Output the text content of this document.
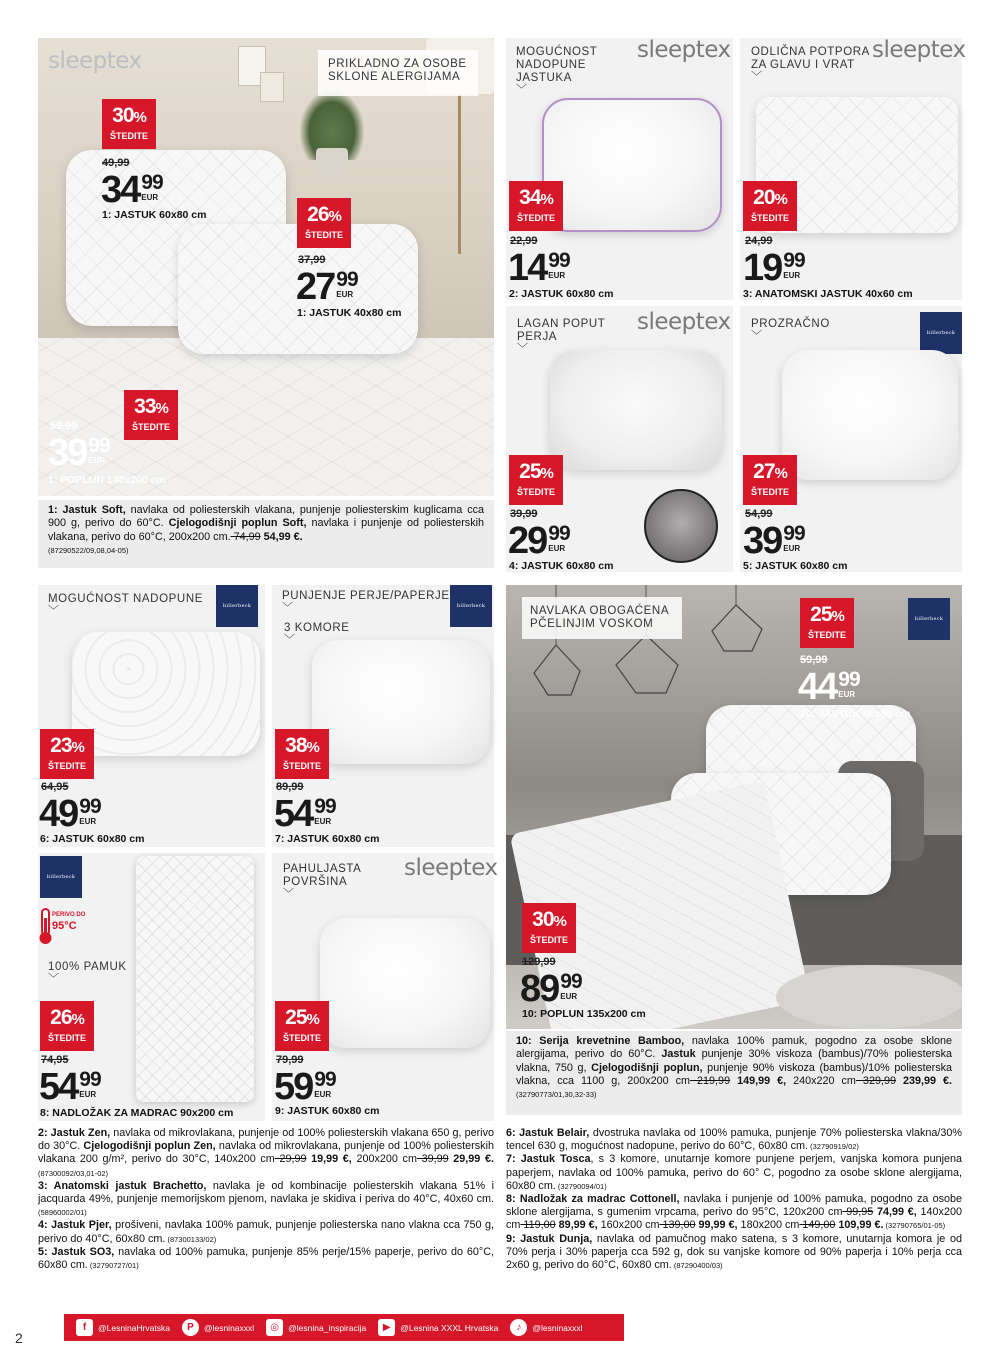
sleeptex	PRIKLADNO ZA OSOBE SKLONE ALERGIJAMA
30%
ŠTEDITE
49,99
34 99
EUR
1: JASTUK 60x80 cm	26%
ŠTEDITE
37,99
27 99
EUR
1: JASTUK 40x80 cm
33%
ŠTEDITE
59,99
39 99
EUR
1: POPLUN 140x200 cm
1: Jastuk Soft, navlaka od poliesterskih vlakana, punjenje poliesterskim kuglicama cca 900 g, perivo do 60°C. Cjelogodišnji poplun Soft, navlaka i punjenje od poliesterskih vlakana, perivo do 60°C, 200x200 cm. 74,99 54,99 €.
(87290522/09,08,04-05)
MOGUĆNOST NADOPUNE JASTUKA
﹀
sleeptex
34%
ŠTEDITE
22,99
14 99
EUR
2: JASTUK 60x80 cm
ODLIČNA POTPORA ZA GLAVU I VRAT
﹀
sleeptex
20%
ŠTEDITE
24,99
19 99
EUR
3: ANATOMSKI JASTUK 40x60 cm
LAGAN POPUT PERJA
﹀
sleeptex
25%
ŠTEDITE
39,99
29 99
EUR
4: JASTUK 60x80 cm
PROZRAČNO
﹀	billerbeck
27%
ŠTEDITE
54,99
39 99
EUR
5: JASTUK 60x80 cm
MOGUĆNOST NADOPUNE
﹀	billerbeck
23%
ŠTEDITE
64,95
49 99
EUR
6: JASTUK 60x80 cm
PUNJENJE PERJE/PAPERJE
﹀
3 KOMORE
﹀
billerbeck
38%
ŠTEDITE
89,99
54 99
EUR
7: JASTUK 60x80 cm
billerbeck
PERIVO DO
95°C
100% PAMUK
﹀
26%
ŠTEDITE
74,95
54 99
EUR
8: NADLOŽAK ZA MADRAC 90x200 cm
PAHULJASTA POVRŠINA
﹀
sleeptex
25%
ŠTEDITE
79,99
59 99
EUR
9: JASTUK 60x80 cm
NAVLAKA OBOGAĆENA PČELINJIM VOSKOM	billerbeck
25%
ŠTEDITE
59,99
44 99
EUR
10: JASTUK 60x80 cm
30%
ŠTEDITE
129,99
89 99
EUR
10: POPLUN 135x200 cm
10: Serija krevetnine Bamboo, navlaka 100% pamuk, pogodno za osobe sklone alergijama, perivo do 60°C. Jastuk punjenje 30% viskoza (bambus)/70% poliesterska vlakna, 750 g, Cjelogodišnji poplun, punjenje 90% viskoza (bambus)/10% poliesterska vlakna, cca 1100 g, 200x200 cm 219,99 149,99 €, 240x220 cm 329,99 239,99 €. (32790773/01,30,32-33)

2: Jastuk Zen, navlaka od mikrovlakana, punjenje od 100% poliesterskih vlakana 650 g, perivo do 30°C. Cjelogodišnji poplun Zen, navlaka od mikrovlakana, punjenje od 100% poliesterskih vlakana 200 g/m², perivo do 30°C, 140x200 cm 29,99 19,99 €, 200x200 cm 39,99 29,99 €. (87300092/03,01-02)

3: Anatomski jastuk Brachetto, navlaka je od kombinacije poliesterskih vlakana 51% i jacquarda 49%, punjenje memorijskom pjenom, navlaka je skidiva i periva do 40°C, 40x60 cm. (58960002/01)

4: Jastuk Pjer, prošiveni, navlaka 100% pamuk, punjenje poliesterska nano vlakna cca 750 g, perivo do 40°C, 60x80 cm. (87300133/02)

5: Jastuk SO3, navlaka od 100% pamuka, punjenje 85% perje/15% paperje, perivo do 60°C, 60x80 cm. (32790727/01)

6: Jastuk Belair, dvostruka navlaka od 100% pamuka, punjenje 70% poliesterska vlakna/30% tencel 630 g, mogućnost nadopune, perivo do 60°C, 60x80 cm. (32790919/02)

7: Jastuk Tosca, s 3 komore, unutarnje komore punjene perjem, vanjska komora punjena paperjem, navlaka od 100% pamuka, perivo do 60° C, pogodno za osobe sklone alergijama, 60x80 cm. (32790094/01)

8: Nadložak za madrac Cottonell, navlaka i punjenje od 100% pamuka, pogodno za osobe sklone alergijama, s gumenim vrpcama, perivo do 95°C, 120x200 cm 99,95 74,99 €, 140x200 cm 119,00 89,99 €, 160x200 cm 139,00 99,99 €, 180x200 cm 149,00 109,99 €. (32790765/01-05)

9: Jastuk Dunja, navlaka od pamučnog mako satena, s 3 komore, unutarnja komora je od 70% perja i 30% paperja cca 592 g, dok su vanjske komore od 90% paperja i 10% perja cca 2x60 g, perivo do 60°C, 60x80 cm. (87290400/03)

2
f	@LesninaHrvatska	P	@lesninaxxxl	◎	@lesnina_inspiracija	▶	@Lesnina XXXL Hrvatska	♪	@lesninaxxxl
